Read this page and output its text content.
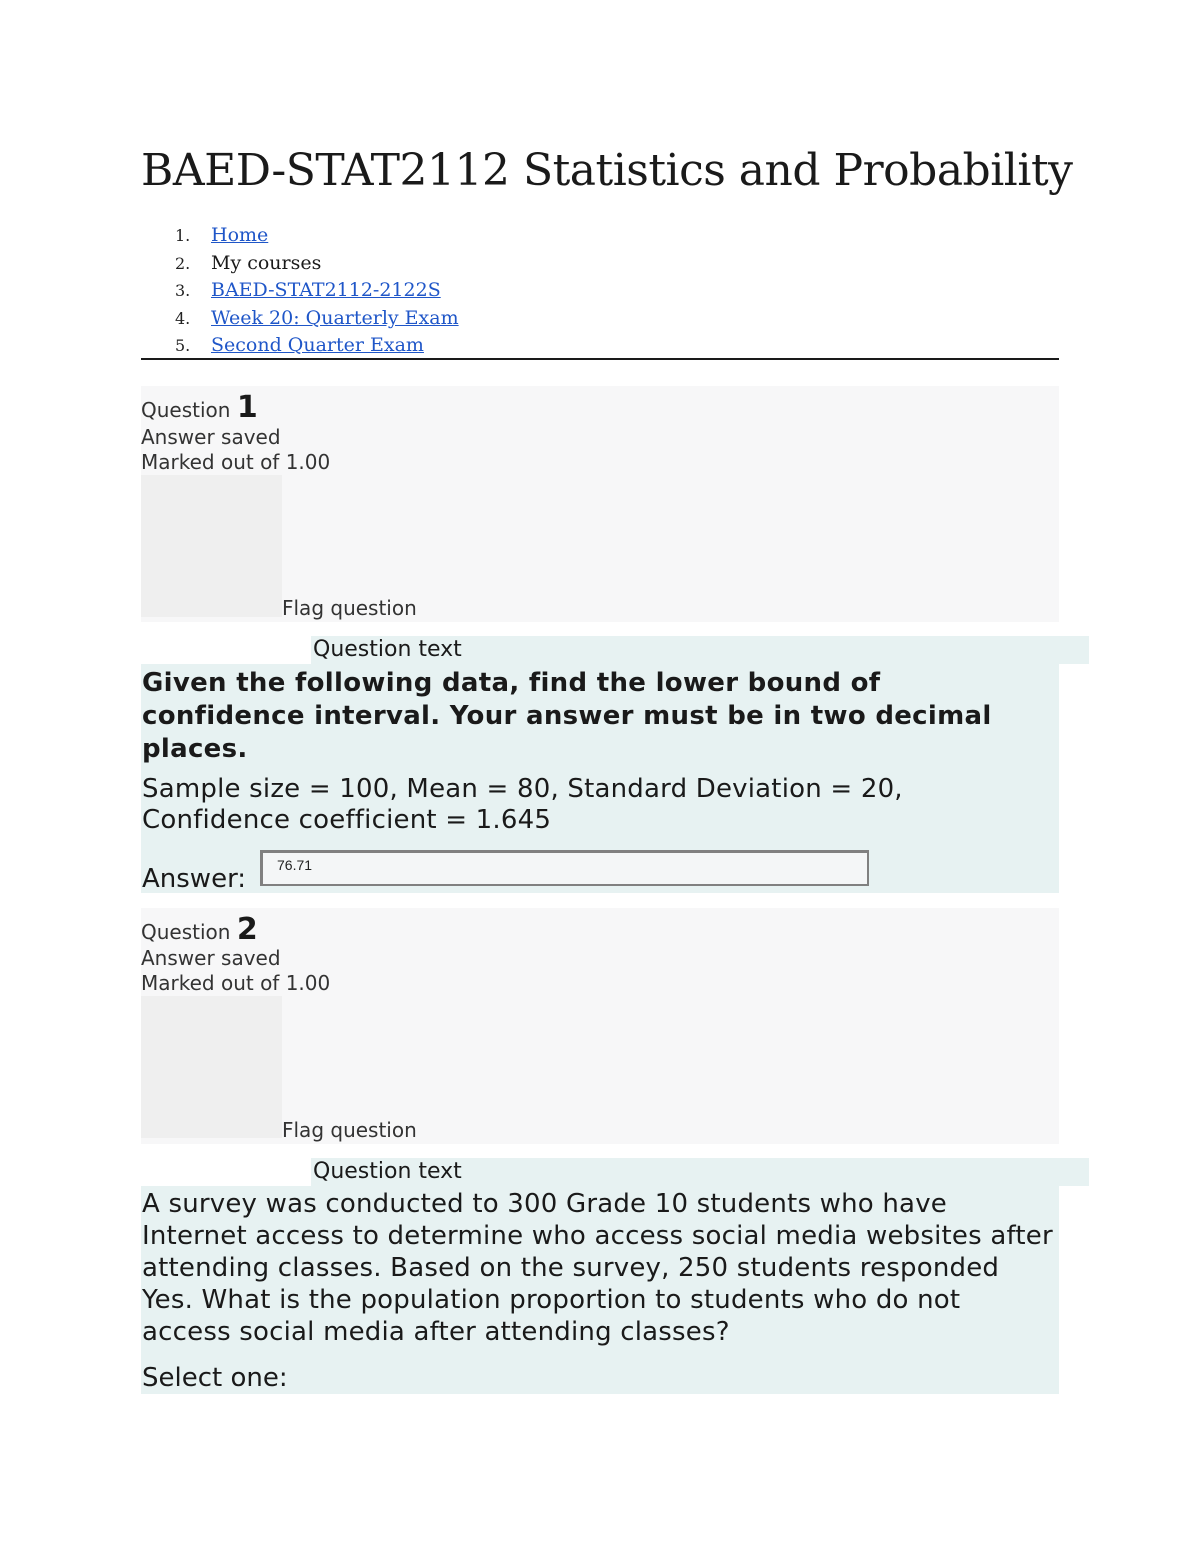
BAED-STAT2112 Statistics and Probability
1. Home
2. My courses
3. BAED-STAT2112-2122S
4. Week 20: Quarterly Exam
5. Second Quarter Exam
Question 1
Answer saved
Marked out of 1.00
Flag question
Question text

Given the following data, find the lower bound of confidence interval. Your answer must be in two decimal places.

Sample size = 100, Mean = 80, Standard Deviation = 20, Confidence coefficient = 1.645

Answer:	76.71
Question 2
Answer saved
Marked out of 1.00
Flag question
Question text

A survey was conducted to 300 Grade 10 students who have Internet access to determine who access social media websites after attending classes. Based on the survey, 250 students responded Yes. What is the population proportion to students who do not access social media after attending classes?

Select one:
